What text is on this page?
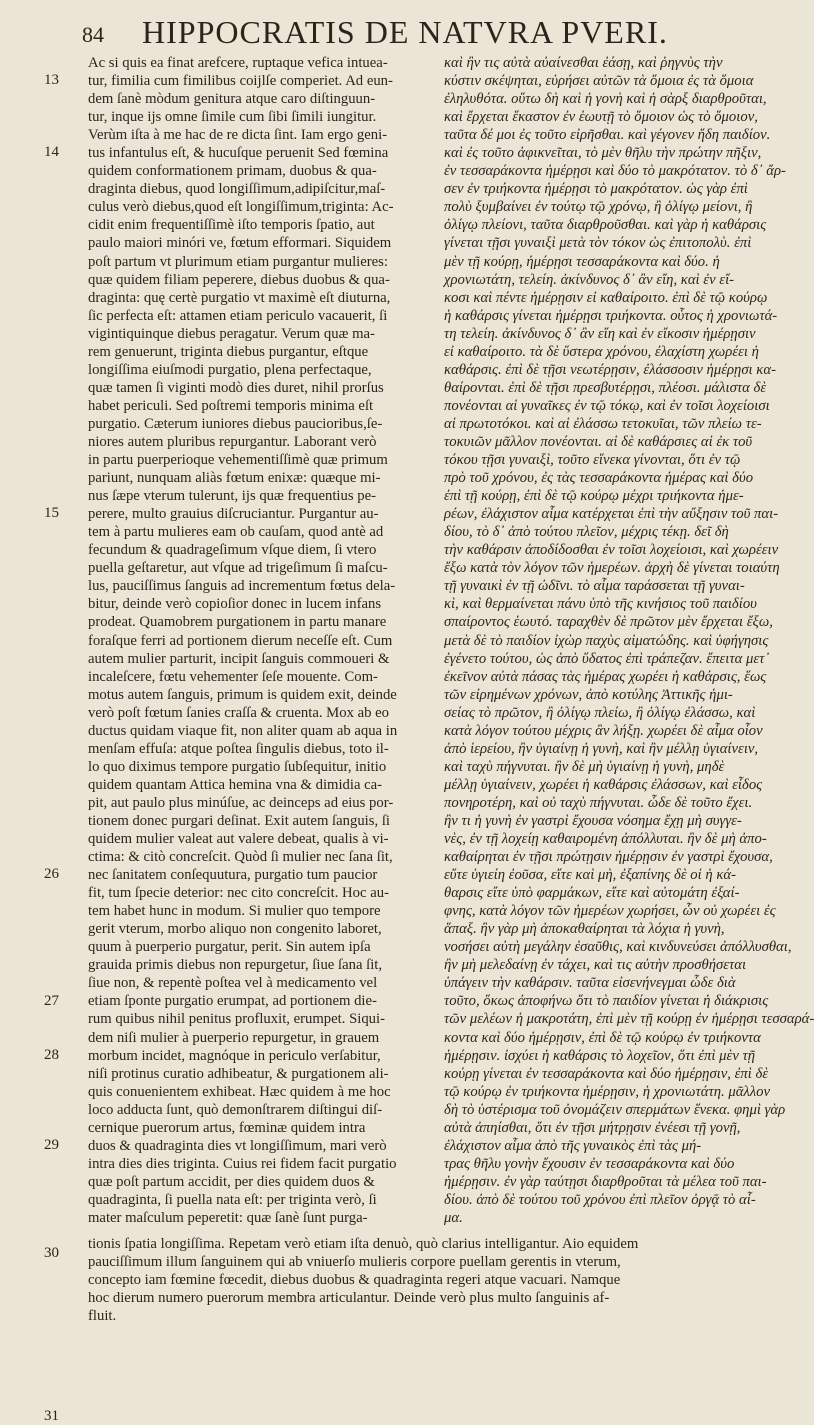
84 HIPPOCRATIS DE NATVRA PVERI.
13
14
15
26
27
28
29
30
31
Ac si quis ea finat arefcere, ruptaque vefica intuea-
tur, fimilia cum fimilibus coijlſe comperiet. Ad eun-
dem ſanè mòdum genitura atque caro diſtinguun-
tur, inque ijs omne ſimile cum ſibi ſimili iungitur.
Verùm iſta à me hac de re dicta ſint. Iam ergo geni-
tus infantulus eſt, & hucuſque peruenit Sed fœmina
quidem conformationem primam, duobus & qua-
draginta diebus, quod longiſſimum,adipiſcitur,maſ-
culus verò diebus,quod eſt longiſſimum,triginta: Ac-
cidit enim frequentiſſimè iſto temporis ſpatio, aut
paulo maiori minóri ve, fœtum efformari. Siquidem
poſt partum vt plurimum etiam purgantur mulieres:
quæ quidem filiam peperere, diebus duobus & qua-
draginta: quę certè purgatio vt maximè eſt diuturna,
ſic perfecta eſt: attamen etiam periculo vacauerit, ſi
vigintiquinque diebus peragatur. Verum quæ ma-
rem genuerunt, triginta diebus purgantur, eſtque
longiſſima eiuſmodi purgatio, plena perfectaque,
quæ tamen ſi viginti modò dies duret, nihil prorſus
habet periculi. Sed poſtremi temporis minima eſt
purgatio. Cæterum iuniores diebus paucioribus,ſe-
niores autem pluribus repurgantur. Laborant verò
in partu puerperioque vehementiſſimè quæ primum
pariunt, nunquam aliàs fœtum enixæ: quæque mi-
nus ſæpe vterum tulerunt, ijs quæ frequentius pe-
perere, multo grauius diſcruciantur. Purgantur au-
tem à partu mulieres eam ob cauſam, quod antè ad
fecundum & quadrageſimum vſque diem, ſi vtero
puella geſtaretur, aut vſque ad trigeſimum ſi maſcu-
lus, pauciſſimus ſanguis ad incrementum fœtus dela-
bitur, deinde verò copioſior donec in lucem infans
prodeat. Quamobrem purgationem in partu manare
foraſque ferri ad portionem dierum neceſſe eſt. Cum
autem mulier parturit, incipit ſanguis commoueri &
incaleſcere, fœtu vehementer ſeſe mouente. Com-
motus autem ſanguis, primum is quidem exit, deinde
verò poſt fœtum ſanies craſſa & cruenta. Mox ab eo
ductus quidam viaque fit, non aliter quam ab aqua in
menſam effuſa: atque poſtea ſingulis diebus, toto il-
lo quo diximus tempore purgatio ſubſequitur, initio
quidem quantam Attica hemina vna & dimidia ca-
pit, aut paulo plus minúſue, ac deinceps ad eius por-
tionem donec purgari deſinat. Exit autem ſanguis, ſi
quidem mulier valeat aut valere debeat, qualis à vi-
ctima: & citò concreſcit. Quòd ſi mulier nec ſana ſit,
nec ſanitatem conſequutura, purgatio tum paucior
fit, tum ſpecie deterior: nec cito concreſcit. Hoc au-
tem habet hunc in modum. Si mulier quo tempore
gerit vterum, morbo aliquo non congenito laboret,
quum à puerperio purgatur, perit. Sin autem ipſa
grauida primis diebus non repurgetur, ſiue ſana ſit,
ſiue non, & repentè poſtea vel à medicamento vel
etiam ſponte purgatio erumpat, ad portionem die-
rum quibus nihil penitus profluxit, erumpet. Siqui-
dem niſi mulier à puerperio repurgetur, in grauem
morbum incidet, magnóque in periculo verſabitur,
niſi protinus curatio adhibeatur, & purgationem ali-
quis conuenientem exhibeat. Hæc quidem à me hoc
loco adducta ſunt, quò demonſtrarem diſtingui diſ-
cernique puerorum artus, fœminæ quidem intra
duos & quadraginta dies vt longiſſimum, mari verò
intra dies dies triginta. Cuius rei fidem facit purgatio
quæ poſt partum accidit, per dies quidem duos &
quadraginta, ſi puella nata eſt: per triginta verò, ſi
mater maſculum peperetit: quæ ſanè ſunt purga-
καὶ ἢν τις αὐτὰ αὐαίνεσθαι ἐάσῃ, καὶ ῥηγνὺς τὴν
κύστιν σκέψηται, εὑρήσει αὐτῶν τὰ ὅμοια ἐς τὰ ὅμοια
ἐληλυθότα. οὕτω δὴ καὶ ἡ γονὴ καὶ ἡ σὰρξ διαρθροῦται,
καὶ ἔρχεται ἕκαστον ἐν ἑωυτῇ τὸ ὅμοιον ὡς τὸ ὅμοιον,
ταῦτα δέ μοι ἐς τοῦτο εἰρῆσθαι. καὶ γέγονεν ἤδη παιδίον.
καὶ ἐς τοῦτο ἀφικνεῖται, τὸ μὲν θῆλυ τὴν πρώτην πῆξιν,
ἐν τεσσαράκοντα ἡμέρῃσι καὶ δύο τὸ μακρότατον. τὸ δ᾽ ἄρ-
σεν ἐν τριήκοντα ἡμέρῃσι τὸ μακρότατον. ὡς γὰρ ἐπὶ
πολὺ ξυμβαίνει ἐν τούτῳ τῷ χρόνῳ, ἢ ὀλίγῳ μείονι, ἢ
ὀλίγῳ πλείονι, ταῦτα διαρθροῦσθαι. καὶ γὰρ ἡ καθάρσις
γίνεται τῇσι γυναιξὶ μετὰ τὸν τόκον ὡς ἐπιτοπολὺ. ἐπὶ
μὲν τῇ κούρῃ, ἡμέρῃσι τεσσαράκοντα καὶ δύο. ἡ
χρονιωτάτη, τελείη. ἀκίνδυνος δ᾽ ἂν εἴη, καὶ ἐν εἴ-
κοσι καὶ πέντε ἡμέρῃσιν εἰ καθαίροιτο. ἐπὶ δὲ τῷ κούρῳ
ἡ καθάρσις γίνεται ἡμέρῃσι τριήκοντα. οὗτος ἡ χρονιωτά-
τη τελείη. ἀκίνδυνος δ᾽ ἂν εἴη καὶ ἐν εἴκοσιν ἡμέρῃσιν
εἰ καθαίροιτο. τὰ δὲ ὕστερα χρόνου, ἐλαχίστη χωρέει ἡ
καθάρσις. ἐπὶ δὲ τῇσι νεωτέρῃσιν, ἐλάσσοσιν ἡμέρῃσι κα-
θαίρονται. ἐπὶ δὲ τῇσι πρεσβυτέρῃσι, πλέοσι. μάλιστα δὲ
πονέονται αἱ γυναῖκες ἐν τῷ τόκῳ, καὶ ἐν τοῖσι λοχείοισι
αἱ πρωτοτόκοι. καὶ αἱ ἐλάσσω τετοκυῖαι, τῶν πλείω τε-
τοκυιῶν μᾶλλον πονέονται. αἱ δὲ καθάρσιες αἱ ἐκ τοῦ
τόκου τῇσι γυναιξὶ, τοῦτο εἵνεκα γίνονται, ὅτι ἐν τῷ
πρὸ τοῦ χρόνου, ἐς τὰς τεσσαράκοντα ἡμέρας καὶ δύο
ἐπὶ τῇ κούρῃ, ἐπὶ δὲ τῷ κούρῳ μέχρι τριήκοντα ἡμε-
ρέων, ἐλάχιστον αἷμα κατέρχεται ἐπὶ τὴν αὔξησιν τοῦ παι-
δίου, τὸ δ᾽ ἀπὸ τούτου πλεῖον, μέχρις τέκῃ. δεῖ δὴ
τὴν καθάρσιν ἀποδίδοσθαι ἐν τοῖσι λοχείοισι, καὶ χωρέειν
ἔξω κατὰ τὸν λόγον τῶν ἡμερέων. ἀρχὴ δὲ γίνεται τοιαύτη
τῇ γυναικὶ ἐν τῇ ὠδῖνι. τὸ αἷμα ταράσσεται τῇ γυναι-
κὶ, καὶ θερμαίνεται πάνυ ὑπὸ τῆς κινήσιος τοῦ παιδίου
σπαίροντος ἑωυτό. ταραχθὲν δὲ πρῶτον μὲν ἔρχεται ἔξω,
μετὰ δὲ τὸ παιδίον ἰχὼρ παχὺς αἱματώδης. καὶ ὑφήγησις
ἐγένετο τούτου, ὡς ἀπὸ ὕδατος ἐπὶ τράπεζαν. ἔπειτα μετ᾽
ἐκεῖνον αὐτὰ πάσας τὰς ἡμέρας χωρέει ἡ καθάρσις, ἕως
τῶν εἰρημένων χρόνων, ἀπὸ κοτύλης Ἀττικῆς ἡμι-
σείας τὸ πρῶτον, ἢ ὀλίγῳ πλείω, ἢ ὀλίγῳ ἐλάσσω, καὶ
κατὰ λόγον τούτου μέχρις ἂν λήξῃ. χωρέει δὲ αἷμα οἷον
ἀπὸ ἱερείου, ἢν ὑγιαίνῃ ἡ γυνὴ, καὶ ἢν μέλλῃ ὑγιαίνειν,
καὶ ταχὺ πήγνυται. ἢν δὲ μὴ ὑγιαίνῃ ἡ γυνὴ, μηδὲ
μέλλῃ ὑγιαίνειν, χωρέει ἡ καθάρσις ἐλάσσων, καὶ εἶδος
πονηροτέρη, καὶ οὐ ταχὺ πήγνυται. ὧδε δὲ τοῦτο ἔχει.
ἢν τι ἡ γυνὴ ἐν γαστρὶ ἔχουσα νόσημα ἔχῃ μὴ συγγε-
νὲς, ἐν τῇ λοχείῃ καθαιρομένη ἀπόλλυται. ἢν δὲ μὴ ἀπο-
καθαίρηται ἐν τῇσι πρώτῃσιν ἡμέρῃσιν ἐν γαστρὶ ἔχουσα,
εὔτε ὑγιείη ἐοῦσα, εἴτε καὶ μὴ, ἐξαπίνης δὲ οἱ ἡ κά-
θαρσις εἴτε ὑπὸ φαρμάκων, εἴτε καὶ αὐτομάτη ἐξαί-
φνης, κατὰ λόγον τῶν ἡμερέων χωρήσει, ὧν οὐ χωρέει ἐς
ἅπαξ. ἢν γὰρ μὴ ἀποκαθαίρηται τὰ λόχια ἡ γυνὴ,
νοσήσει αὐτὴ μεγάλην ἐσαῦθις, καὶ κινδυνεύσει ἀπόλλυσθαι,
ἢν μὴ μελεδαίνῃ ἐν τάχει, καὶ τις αὐτὴν προσθήσεται
ὑπάγειν τὴν καθάρσιν. ταῦτα εἰσενήνεγμαι ὧδε διὰ
τοῦτο, ὅκως ἀποφήνω ὅτι τὸ παιδίον γίνεται ἡ διάκρισις
τῶν μελέων ἡ μακροτάτη, ἐπὶ μὲν τῇ κούρῃ ἐν ἡμέρῃσι τεσσαρά-
κοντα καὶ δύο ἡμέρῃσιν, ἐπὶ δὲ τῷ κούρῳ ἐν τριήκοντα
ἡμέρῃσιν. ἰσχύει ἡ καθάρσις τὸ λοχεῖον, ὅτι ἐπὶ μὲν τῇ
κούρῃ γίνεται ἐν τεσσαράκοντα καὶ δύο ἡμέρῃσιν, ἐπὶ δὲ
τῷ κούρῳ ἐν τριήκοντα ἡμέρῃσιν, ἡ χρονιωτάτη. μᾶλλον
δὴ τὸ ὑστέρισμα τοῦ ὀνομάζειν σπερμάτων ἕνεκα. φημὶ γὰρ
αὐτὰ ἀπηίσθαι, ὅτι ἐν τῇσι μήτρῃσιν ἐνέεσι τῇ γονῇ,
ἐλάχιστον αἷμα ἀπὸ τῆς γυναικὸς ἐπὶ τὰς μή-
τρας θῆλυ γονὴν ἔχουσιν ἐν τεσσαράκοντα καὶ δύο
ἡμέρῃσιν. ἐν γὰρ ταύτῃσι διαρθροῦται τὰ μέλεα τοῦ παι-
δίου. ἀπὸ δὲ τούτου τοῦ χρόνου ἐπὶ πλεῖον ὀργᾷ τὸ αἷ-
μα.
tionis ſpatia longiſſima. Repetam verò etiam iſta denuò, quò clarius intelligantur. Aio equidem
pauciſſimum illum ſanguinem qui ab vniuerſo mulieris corpore puellam gerentis in vterum,
concepto iam fœmine fœcedit, diebus duobus & quadraginta regeri atque vacuari. Namque
hoc dierum numero puerorum membra articulantur. Deinde verò plus multo ſanguinis af-
fluit.
